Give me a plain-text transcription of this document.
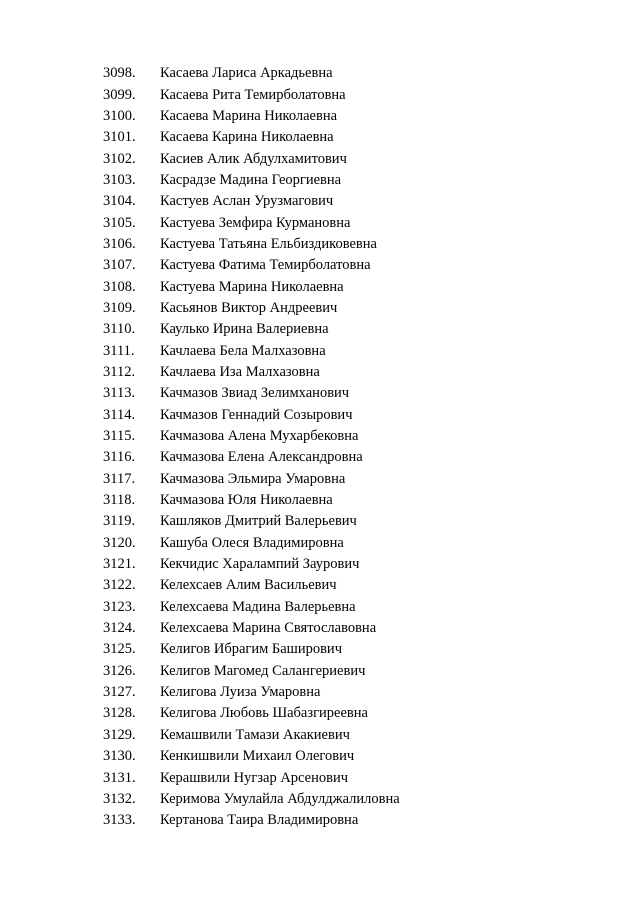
3098.	Касаева Лариса Аркадьевна
3099.	Касаева Рита Темирболатовна
3100.	Касаева Марина Николаевна
3101.	Касаева Карина Николаевна
3102.	Касиев Алик Абдулхамитович
3103.	Касрадзе Мадина Георгиевна
3104.	Кастуев Аслан Урузмагович
3105.	Кастуева Земфира Курмановна
3106.	Кастуева Татьяна Ельбиздиковевна
3107.	Кастуева Фатима Темирболатовна
3108.	Кастуева Марина Николаевна
3109.	Касьянов Виктор Андреевич
3110.	Каулько Ирина Валериевна
3111.	Качлаева Бела Малхазовна
3112.	Качлаева Иза Малхазовна
3113.	Качмазов Звиад Зелимханович
3114.	Качмазов Геннадий Созырович
3115.	Качмазова Алена Мухарбековна
3116.	Качмазова Елена Александровна
3117.	Качмазова Эльмира Умаровна
3118.	Качмазова Юля Николаевна
3119.	Кашляков Дмитрий Валерьевич
3120.	Кашуба Олеся Владимировна
3121.	Кекчидис Харалампий Заурович
3122.	Келехсаев Алим Васильевич
3123.	Келехсаева Мадина Валерьевна
3124.	Келехсаева Марина Святославовна
3125.	Келигов Ибрагим Баширович
3126.	Келигов Магомед Салангериевич
3127.	Келигова Луиза Умаровна
3128.	Келигова Любовь Шабазгиреевна
3129.	Кемашвили Тамази Акакиевич
3130.	Кенкишвили Михаил Олегович
3131.	Керашвили Нугзар Арсенович
3132.	Керимова Умулайла Абдулджалиловна
3133.	Кертанова Таира Владимировна
